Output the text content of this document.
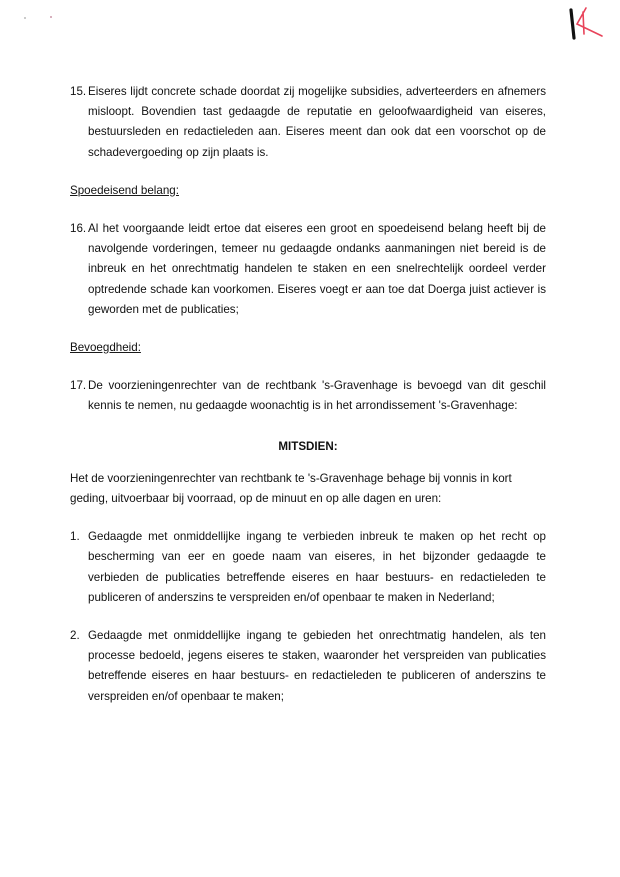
15. Eiseres lijdt concrete schade doordat zij mogelijke subsidies, adverteerders en afnemers misloopt. Bovendien tast gedaagde de reputatie en geloofwaardigheid van eiseres, bestuursleden en redactieleden aan. Eiseres meent dan ook dat een voorschot op de schadevergoeding op zijn plaats is.

Spoedeisend belang:

16. Al het voorgaande leidt ertoe dat eiseres een groot en spoedeisend belang heeft bij de navolgende vorderingen, temeer nu gedaagde ondanks aanmaningen niet bereid is de inbreuk en het onrechtmatig handelen te staken en een snelrechtelijk oordeel verder optredende schade kan voorkomen. Eiseres voegt er aan toe dat Doerga juist actiever is geworden met de publicaties;

Bevoegdheid:

17. De voorzieningenrechter van de rechtbank 's-Gravenhage is bevoegd van dit geschil kennis te nemen, nu gedaagde woonachtig is in het arrondissement 's-Gravenhage:

MITSDIEN:

Het de voorzieningenrechter van rechtbank te 's-Gravenhage behage bij vonnis in kort geding, uitvoerbaar bij voorraad, op de minuut en op alle dagen en uren:

1. Gedaagde met onmiddellijke ingang te verbieden inbreuk te maken op het recht op bescherming van eer en goede naam van eiseres, in het bijzonder gedaagde te verbieden de publicaties betreffende eiseres en haar bestuurs- en redactieleden te publiceren of anderszins te verspreiden en/of openbaar te maken in Nederland;
2. Gedaagde met onmiddellijke ingang te gebieden het onrechtmatig handelen, als ten processe bedoeld, jegens eiseres te staken, waaronder het verspreiden van publicaties betreffende eiseres en haar bestuurs- en redactieleden te publiceren of anderszins te verspreiden en/of openbaar te maken;
